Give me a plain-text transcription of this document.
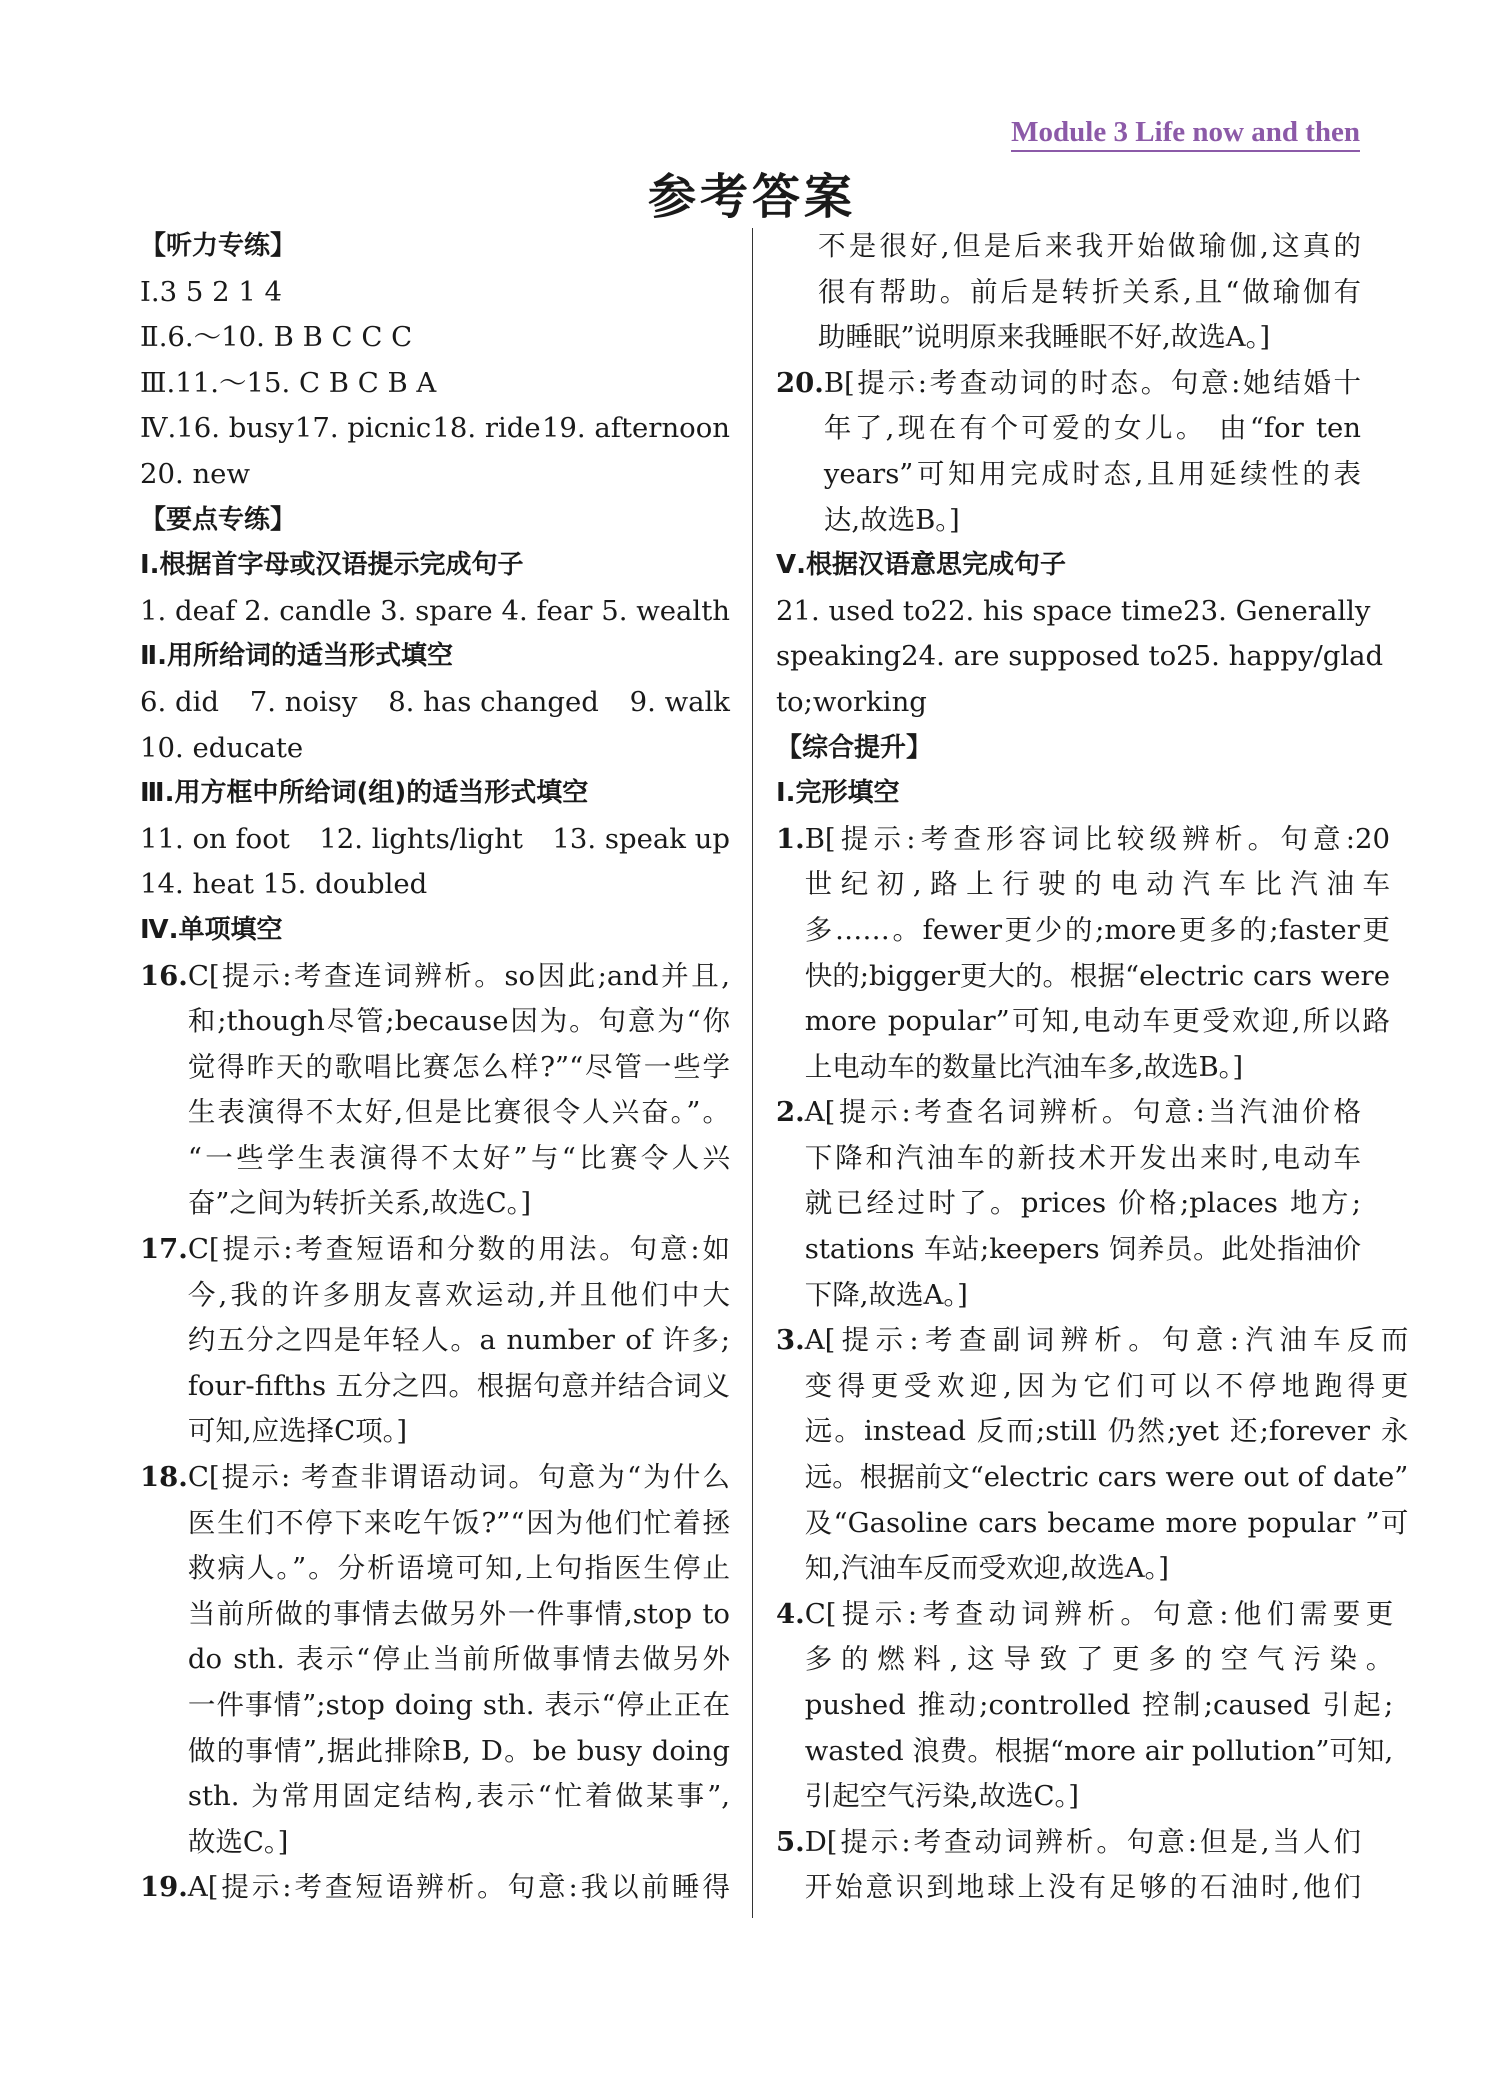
Module 3 Life now and then
参考答案
【听力专练】
Ⅰ.3 5 2 1 4
Ⅱ.6.～10. B B C C C
Ⅲ.11.～15. C B C B A
Ⅳ.16. busy 17. picnic 18. ride 19. afternoon
20. new
【要点专练】
Ⅰ.根据首字母或汉语提示完成句子
1. deaf 2. candle 3. spare 4. fear 5. wealth
Ⅱ.用所给词的适当形式填空
6. did 7. noisy 8. has changed 9. walk
10. educate
Ⅲ.用方框中所给词(组)的适当形式填空
11. on foot 12. lights/light 13. speak up
14. heat 15. doubled
Ⅳ.单项填空
16. C[提示:考查连词辨析。so因此;and并且,
和;though尽管;because因为。句意为“你
觉得昨天的歌唱比赛怎么样?”“尽管一些学
生表演得不太好,但是比赛很令人兴奋。”。
“一些学生表演得不太好”与“比赛令人兴
奋”之间为转折关系,故选C。]
17. C[提示:考查短语和分数的用法。句意:如
今,我的许多朋友喜欢运动,并且他们中大
约五分之四是年轻人。a number of 许多;
four-fifths 五分之四。根据句意并结合词义
可知,应选择C项。]
18. C[提示: 考查非谓语动词。句意为“为什么
医生们不停下来吃午饭?”“因为他们忙着拯
救病人。”。分析语境可知,上句指医生停止
当前所做的事情去做另外一件事情,stop to
do sth. 表示“停止当前所做事情去做另外
一件事情”;stop doing sth. 表示“停止正在
做的事情”,据此排除B, D。be busy doing
sth. 为常用固定结构,表示“忙着做某事”,
故选C。]
19. A[提示:考查短语辨析。句意:我以前睡得
不是很好,但是后来我开始做瑜伽,这真的
很有帮助。前后是转折关系,且“做瑜伽有
助睡眠”说明原来我睡眠不好,故选A。]
20. B[提示:考查动词的时态。句意:她结婚十
年了,现在有个可爱的女儿。 由“for ten
years”可知用完成时态,且用延续性的表
达,故选B。]
Ⅴ.根据汉语意思完成句子
21. used to 22. his space time 23. Generally
speaking 24. are supposed to 25. happy/glad
to;working
【综合提升】
Ⅰ.完形填空
1. B[提示:考查形容词比较级辨析。句意:20
世纪初,路上行驶的电动汽车比汽油车
多……。fewer更少的;more更多的;faster更
快的;bigger更大的。根据“electric cars were
more popular”可知,电动车更受欢迎,所以路
上电动车的数量比汽油车多,故选B。]
2. A[提示:考查名词辨析。句意:当汽油价格
下降和汽油车的新技术开发出来时,电动车
就已经过时了。prices 价格;places 地方;
stations 车站;keepers 饲养员。此处指油价
下降,故选A。]
3. A[提示:考查副词辨析。句意:汽油车反而
变得更受欢迎,因为它们可以不停地跑得更
远。instead 反而;still 仍然;yet 还;forever 永
远。根据前文“electric cars were out of date”
及“Gasoline cars became more popular ”可
知,汽油车反而受欢迎,故选A。]
4. C[提示:考查动词辨析。句意:他们需要更
多的燃料,这导致了更多的空气污染。
pushed 推动;controlled 控制;caused 引起;
wasted 浪费。根据“more air pollution”可知,
引起空气污染,故选C。]
5. D[提示:考查动词辨析。句意:但是,当人们
开始意识到地球上没有足够的石油时,他们
